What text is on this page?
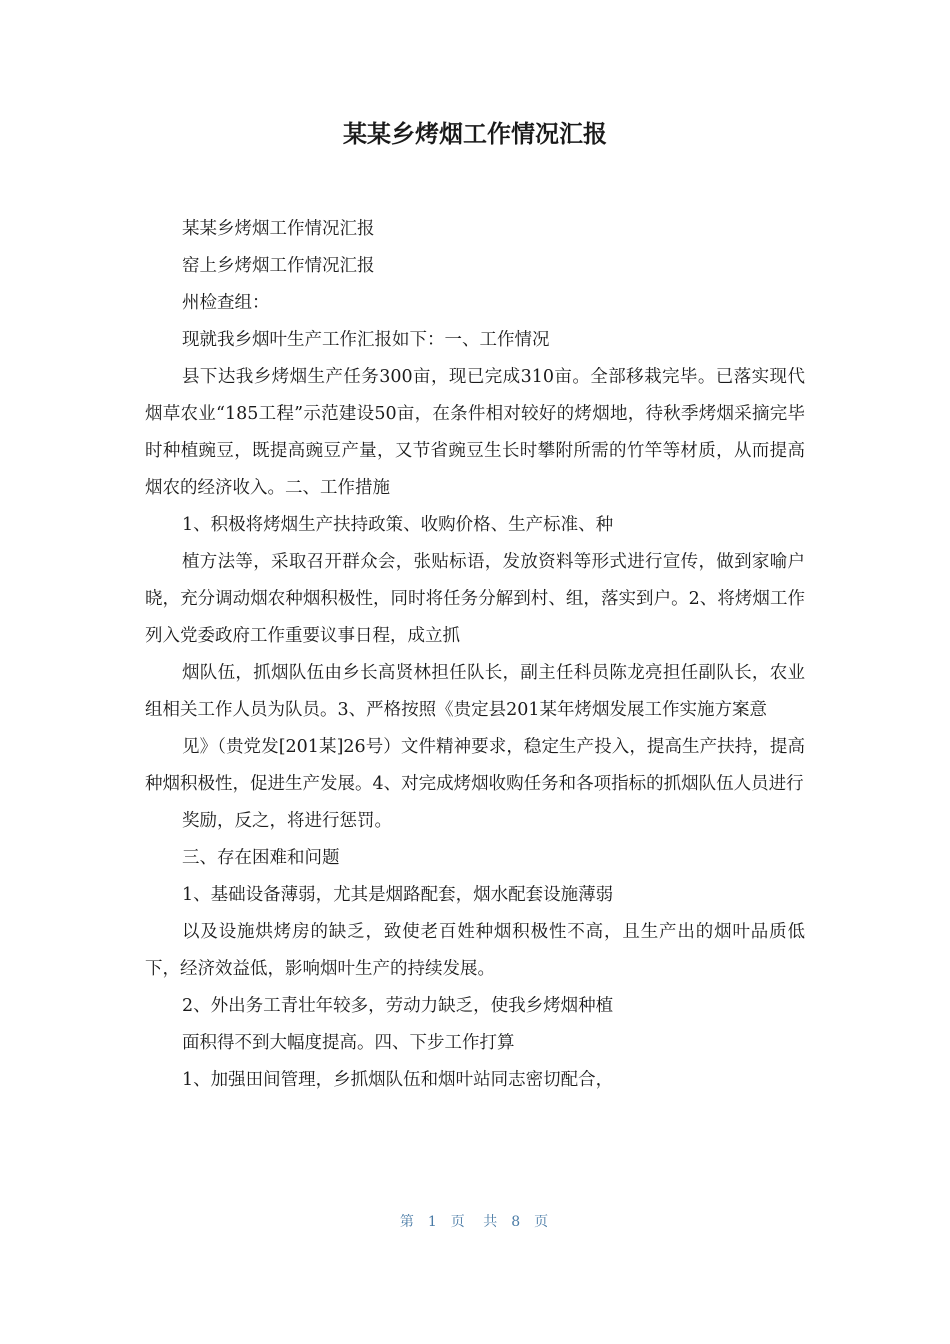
某某乡烤烟工作情况汇报

某某乡烤烟工作情况汇报

窑上乡烤烟工作情况汇报

州检查组：

现就我乡烟叶生产工作汇报如下：一、工作情况

县下达我乡烤烟生产任务300亩，现已完成310亩。全部移栽完毕。已落实现代烟草农业“185工程”示范建设50亩，在条件相对较好的烤烟地，待秋季烤烟采摘完毕时种植豌豆，既提高豌豆产量，又节省豌豆生长时攀附所需的竹竿等材质，从而提高烟农的经济收入。二、工作措施

1、积极将烤烟生产扶持政策、收购价格、生产标准、种

植方法等，采取召开群众会，张贴标语，发放资料等形式进行宣传，做到家喻户晓，充分调动烟农种烟积极性，同时将任务分解到村、组，落实到户。2、将烤烟工作列入党委政府工作重要议事日程，成立抓

烟队伍，抓烟队伍由乡长高贤林担任队长，副主任科员陈龙亮担任副队长，农业组相关工作人员为队员。3、严格按照《贵定县201某年烤烟发展工作实施方案意

见》（贵党发[201某]26号）文件精神要求，稳定生产投入，提高生产扶持，提高种烟积极性，促进生产发展。4、对完成烤烟收购任务和各项指标的抓烟队伍人员进行

奖励，反之，将进行惩罚。

三、存在困难和问题

1、基础设备薄弱，尤其是烟路配套，烟水配套设施薄弱

以及设施烘烤房的缺乏，致使老百姓种烟积极性不高，且生产出的烟叶品质低下，经济效益低，影响烟叶生产的持续发展。

2、外出务工青壮年较多，劳动力缺乏，使我乡烤烟种植

面积得不到大幅度提高。四、下步工作打算

1、加强田间管理，乡抓烟队伍和烟叶站同志密切配合，

第 1 页 共 8 页
